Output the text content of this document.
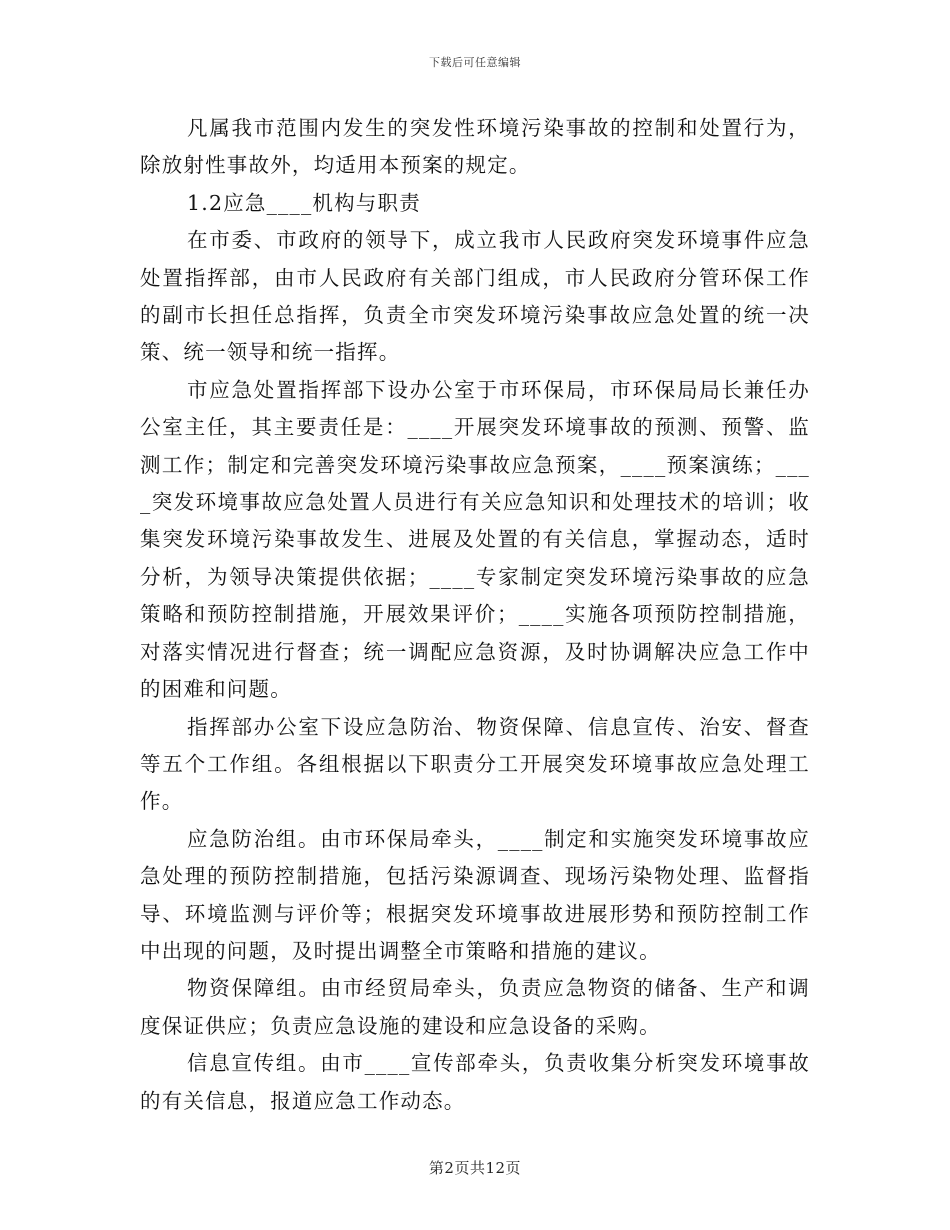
下载后可任意编辑

凡属我市范围内发生的突发性环境污染事故的控制和处置行为，除放射性事故外，均适用本预案的规定。

1.2应急____机构与职责

在市委、市政府的领导下，成立我市人民政府突发环境事件应急处置指挥部，由市人民政府有关部门组成，市人民政府分管环保工作的副市长担任总指挥，负责全市突发环境污染事故应急处置的统一决策、统一领导和统一指挥。

市应急处置指挥部下设办公室于市环保局，市环保局局长兼任办公室主任，其主要责任是：____开展突发环境事故的预测、预警、监测工作；制定和完善突发环境污染事故应急预案，____预案演练；____突发环境事故应急处置人员进行有关应急知识和处理技术的培训；收集突发环境污染事故发生、进展及处置的有关信息，掌握动态，适时分析，为领导决策提供依据；____专家制定突发环境污染事故的应急策略和预防控制措施，开展效果评价；____实施各项预防控制措施，对落实情况进行督查；统一调配应急资源，及时协调解决应急工作中的困难和问题。

指挥部办公室下设应急防治、物资保障、信息宣传、治安、督查等五个工作组。各组根据以下职责分工开展突发环境事故应急处理工作。

应急防治组。由市环保局牵头，____制定和实施突发环境事故应急处理的预防控制措施，包括污染源调查、现场污染物处理、监督指导、环境监测与评价等；根据突发环境事故进展形势和预防控制工作中出现的问题，及时提出调整全市策略和措施的建议。

物资保障组。由市经贸局牵头，负责应急物资的储备、生产和调度保证供应；负责应急设施的建设和应急设备的采购。

信息宣传组。由市____宣传部牵头，负责收集分析突发环境事故的有关信息，报道应急工作动态。

第2页共12页
